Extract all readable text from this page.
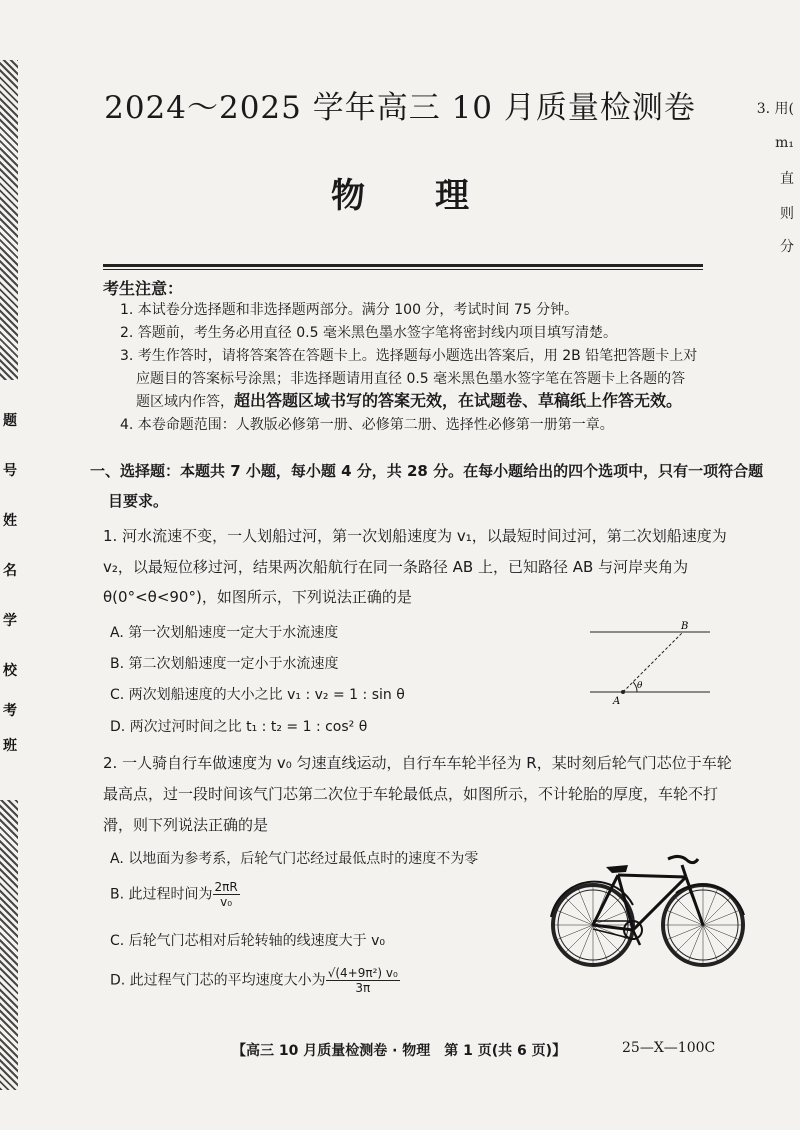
题
号
姓
名
学
校
考
班
3. 用(
m₁
直
则
分
2024～2025 学年高三 10 月质量检测卷
物理
考生注意：
1. 本试卷分选择题和非选择题两部分。满分 100 分，考试时间 75 分钟。
2. 答题前，考生务必用直径 0.5 毫米黑色墨水签字笔将密封线内项目填写清楚。
3. 考生作答时，请将答案答在答题卡上。选择题每小题选出答案后，用 2B 铅笔把答题卡上对
应题目的答案标号涂黑；非选择题请用直径 0.5 毫米黑色墨水签字笔在答题卡上各题的答
题区域内作答，超出答题区域书写的答案无效，在试题卷、草稿纸上作答无效。
4. 本卷命题范围：人教版必修第一册、必修第二册、选择性必修第一册第一章。
一、选择题：本题共 7 小题，每小题 4 分，共 28 分。在每小题给出的四个选项中，只有一项符合题
目要求。
1. 河水流速不变，一人划船过河，第一次划船速度为 v₁，以最短时间过河，第二次划船速度为
v₂，以最短位移过河，结果两次船航行在同一条路径 AB 上，已知路径 AB 与河岸夹角为
θ(0°<θ<90°)，如图所示，下列说法正确的是
A. 第一次划船速度一定大于水流速度
B. 第二次划船速度一定小于水流速度
C. 两次划船速度的大小之比 v₁ : v₂ = 1 : sin θ
D. 两次过河时间之比 t₁ : t₂ = 1 : cos² θ
B
A
θ
2. 一人骑自行车做速度为 v₀ 匀速直线运动，自行车车轮半径为 R，某时刻后轮气门芯位于车轮
最高点，过一段时间该气门芯第二次位于车轮最低点，如图所示，不计轮胎的厚度，车轮不打
滑，则下列说法正确的是
A. 以地面为参考系，后轮气门芯经过最低点时的速度不为零
B. 此过程时间为 $\frac{2\pi R}{\text{v₀}}$
C. 后轮气门芯相对后轮转轴的线速度大于 v₀
D. 此过程气门芯的平均速度大小为 $\frac{\text{√(4+9π²) v₀}}{3\pi}$
【高三 10 月质量检测卷 · 物理　第 1 页(共 6 页)】	25—X—100C
